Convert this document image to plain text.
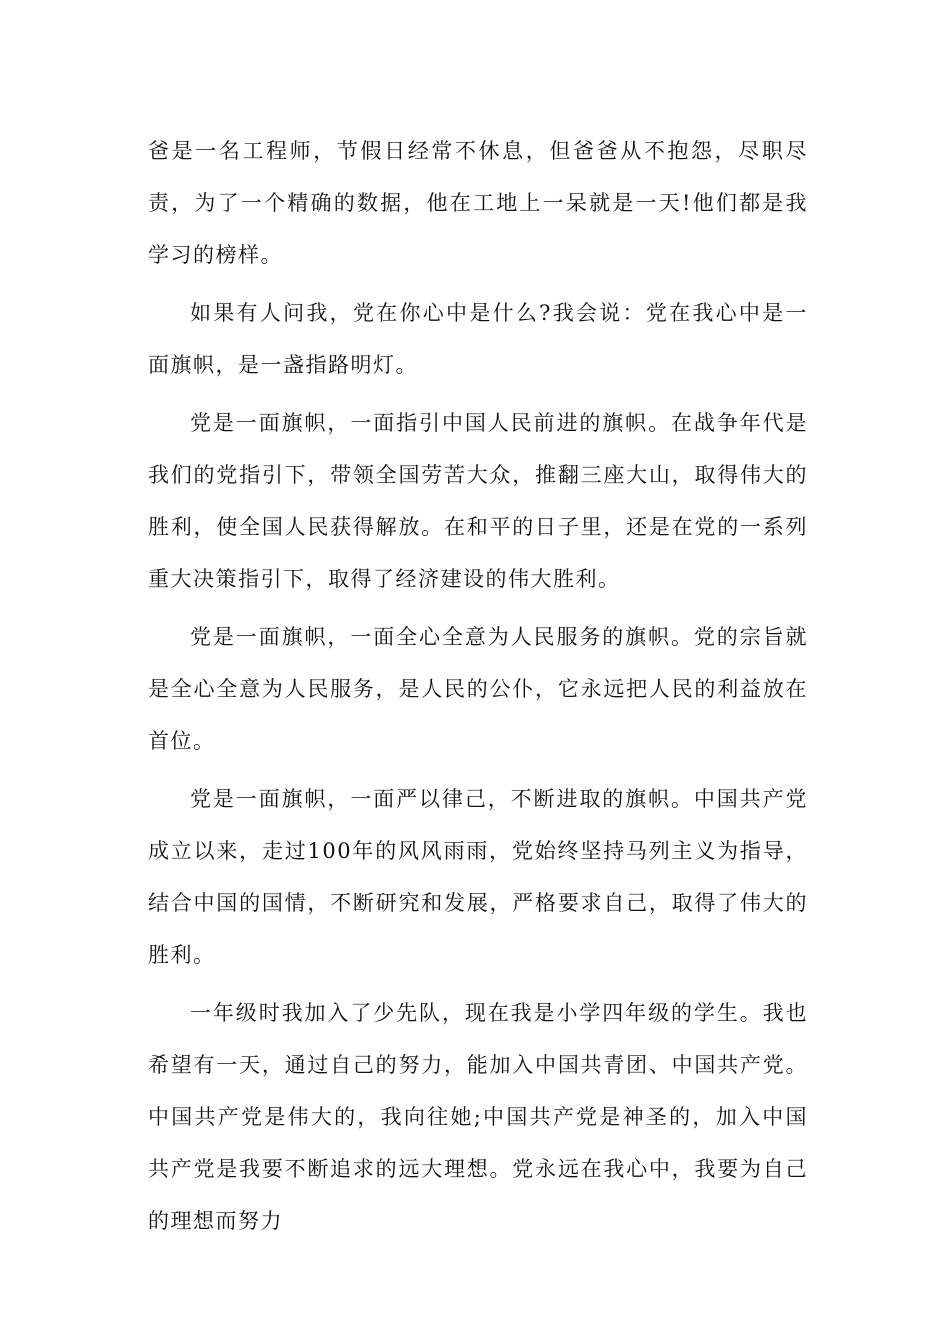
爸是一名工程师，节假日经常不休息，但爸爸从不抱怨，尽职尽责，为了一个精确的数据，他在工地上一呆就是一天!他们都是我学习的榜样。

如果有人问我，党在你心中是什么?我会说：党在我心中是一面旗帜，是一盏指路明灯。

党是一面旗帜，一面指引中国人民前进的旗帜。在战争年代是我们的党指引下，带领全国劳苦大众，推翻三座大山，取得伟大的胜利，使全国人民获得解放。在和平的日子里，还是在党的一系列重大决策指引下，取得了经济建设的伟大胜利。

党是一面旗帜，一面全心全意为人民服务的旗帜。党的宗旨就是全心全意为人民服务，是人民的公仆，它永远把人民的利益放在首位。

党是一面旗帜，一面严以律己，不断进取的旗帜。中国共产党成立以来，走过100年的风风雨雨，党始终坚持马列主义为指导，结合中国的国情，不断研究和发展，严格要求自己，取得了伟大的胜利。

一年级时我加入了少先队，现在我是小学四年级的学生。我也希望有一天，通过自己的努力，能加入中国共青团、中国共产党。中国共产党是伟大的，我向往她;中国共产党是神圣的，加入中国共产党是我要不断追求的远大理想。党永远在我心中，我要为自己的理想而努力
